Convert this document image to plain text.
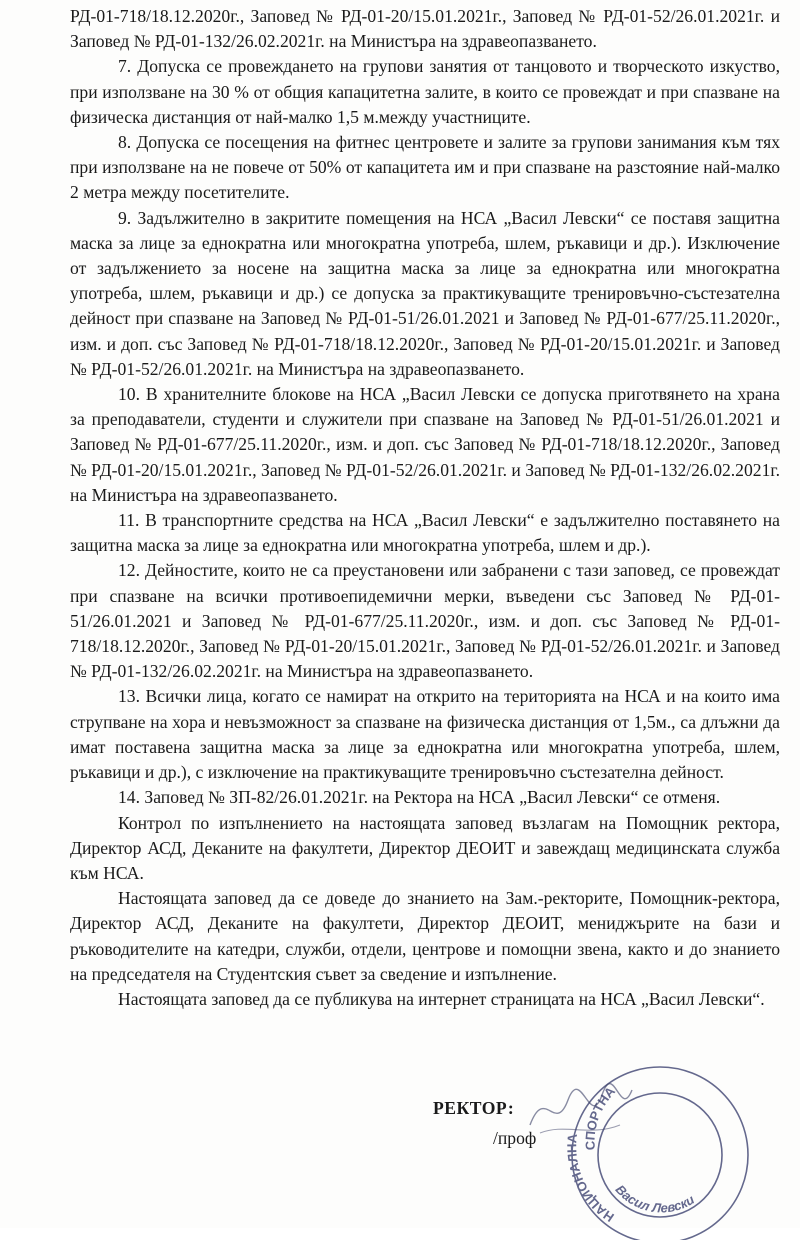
РД-01-718/18.12.2020г., Заповед № РД-01-20/15.01.2021г., Заповед № РД-01-52/26.01.2021г. и Заповед № РД-01-132/26.02.2021г. на Министъра на здравеопазването.

7. Допуска се провеждането на групови занятия от танцовото и творческото изкуство, при използване на 30 % от общия капацитетна залите, в които се провеждат и при спазване на физическа дистанция от най-малко 1,5 м.между участниците.

8. Допуска се посещения на фитнес центровете и залите за групови занимания към тях при използване на не повече от 50% от капацитета им и при спазване на разстояние най-малко 2 метра между посетителите.

9. Задължително в закритите помещения на НСА „Васил Левски“ се поставя защитна маска за лице за еднократна или многократна употреба, шлем, ръкавици и др.). Изключение от задължението за носене на защитна маска за лице за еднократна или многократна употреба, шлем, ръкавици и др.) се допуска за практикуващите тренировъчно-състезателна дейност при спазване на Заповед № РД-01-51/26.01.2021 и Заповед № РД-01-677/25.11.2020г., изм. и доп. със Заповед № РД-01-718/18.12.2020г., Заповед № РД-01-20/15.01.2021г. и Заповед № РД-01-52/26.01.2021г. на Министъра на здравеопазването.

10. В хранителните блокове на НСА „Васил Левски се допуска приготвянето на храна за преподаватели, студенти и служители при спазване на Заповед № РД-01-51/26.01.2021 и Заповед № РД-01-677/25.11.2020г., изм. и доп. със Заповед № РД-01-718/18.12.2020г., Заповед № РД-01-20/15.01.2021г., Заповед № РД-01-52/26.01.2021г. и Заповед № РД-01-132/26.02.2021г. на Министъра на здравеопазването.

11. В транспортните средства на НСА „Васил Левски“ е задължително поставянето на защитна маска за лице за еднократна или многократна употреба, шлем и др.).

12. Дейностите, които не са преустановени или забранени с тази заповед, се провеждат при спазване на всички противоепидемични мерки, въведени със Заповед № РД-01-51/26.01.2021 и Заповед № РД-01-677/25.11.2020г., изм. и доп. със Заповед № РД-01-718/18.12.2020г., Заповед № РД-01-20/15.01.2021г., Заповед № РД-01-52/26.01.2021г. и Заповед № РД-01-132/26.02.2021г. на Министъра на здравеопазването.

13. Всички лица, когато се намират на открито на територията на НСА и на които има струпване на хора и невъзможност за спазване на физическа дистанция от 1,5м., са длъжни да имат поставена защитна маска за лице за еднократна или многократна употреба, шлем, ръкавици и др.), с изключение на практикуващите тренировъчно състезателна дейност.

14. Заповед № ЗП-82/26.01.2021г. на Ректора на НСА „Васил Левски“ се отменя.

Контрол по изпълнението на настоящата заповед възлагам на Помощник ректора, Директор АСД, Деканите на факултети, Директор ДЕОИТ и завеждащ медицинската служба към НСА.

Настоящата заповед да се доведе до знанието на Зам.-ректорите, Помощник-ректора, Директор АСД, Деканите на факултети, Директор ДЕОИТ, мениджърите на бази и ръководителите на катедри, служби, отдели, центрове и помощни звена, както и до знанието на председателя на Студентския съвет за сведение и изпълнение.

Настоящата заповед да се публикува на интернет страницата на НСА „Васил Левски“.

СПОРТНА
НАЦИОНАЛНА
Васил Левски
РЕКТОР:
/проф
